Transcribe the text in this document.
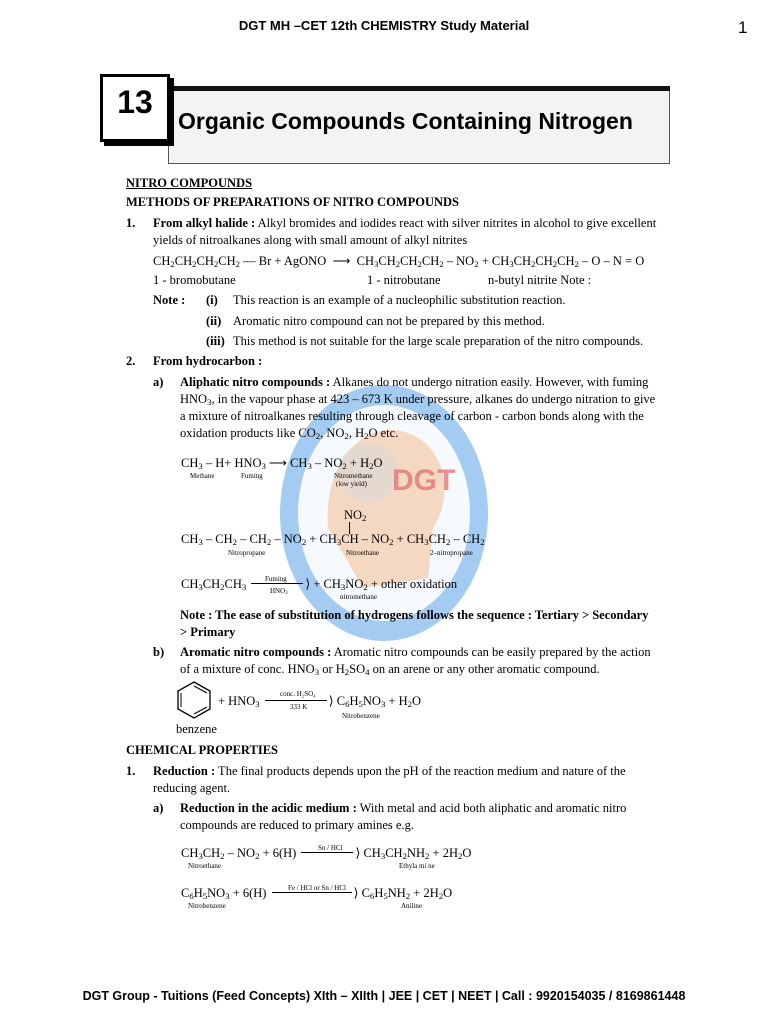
DGT MH –CET 12th CHEMISTRY Study Material	1
Organic Compounds Containing Nitrogen
13
DGT
NITRO COMPOUNDS
METHODS OF PREPARATIONS OF NITRO COMPOUNDS
1. From alkyl halide : Alkyl bromides and iodides react with silver nitrites in alcohol to give excellent
yields of nitroalkanes along with small amount of alkyl nitrites
$CH_2CH_2CH_2CH_2$ — Br + AgONO  ⟶  $CH_3CH_2CH_2CH_2 - NO_2 + CH_3CH_2CH_2CH_2 - O - N = O$
1 - bromobutane	1 - nitrobutane	n-butyl nitrite Note :
Note : (i) This reaction is an example of a nucleophilic substitution reaction.
(ii) Aromatic nitro compound can not be prepared by this method.
(iii) This method is not suitable for the large scale preparation of the nitro compounds.
2. From hydrocarbon :
a) Aliphatic nitro compounds : Alkanes do not undergo nitration easily. However, with fuming
$HNO_3$, in the vapour phase at 423 – 673 K under pressure, alkanes do undergo nitration to give
a mixture of nitroalkanes resulting through cleavage of carbon - carbon bonds along with the
oxidation products like $CO_2$, $NO_2$, $H_2O$ etc.
$CH_3 - H+ HNO_3$ ⟶ $CH_3 - NO_2 + H_2O$
Methane	Fuming	Nitromethane
(low yield)
$NO_2$
$CH_3 - CH_2 - CH_2 - NO_2 + CH_3CH - NO_2 + CH_3CH_2 - CH_2$
Nitropropane	Nitroethane	2–nitropropane
$CH_3CH_2CH_3$	⟩ + $CH_3NO_2$ + other oxidation
Fuming
$HNO_3$	nitromethane
Note : The ease of substitution of hydrogens follows the sequence : Tertiary > Secondary
> Primary
b) Aromatic nitro compounds : Aromatic nitro compounds can be easily prepared by the action
of a mixture of conc. $HNO_3$ or $H_2SO_4$ on an arene or any other aromatic compound.
benzene
+ $HNO_3$	⟩ $C_6H_5NO_3 + H_2O$
conc. H₂SO₄
333 K
Nitrobenzene
CHEMICAL PROPERTIES
1. Reduction : The final products depends upon the pH of the reaction medium and nature of the
reducing agent.
a) Reduction in the acidic medium : With metal and acid both aliphatic and aromatic nitro
compounds are reduced to primary amines e.g.
$CH_3CH_2 - NO_2 + 6(H)$	⟩ $CH_3CH_2NH_2 + 2H_2O$
Sn / HCl
Nitroethane	Ethyla mi ne
$C_6H_5NO_3 + 6(H)$	⟩ $C_6H_5NH_2 + 2H_2O$
Fe / HCl or Sn / HCl
Nitrobenzene	Aniline
DGT Group - Tuitions (Feed Concepts) XIth – XIIth | JEE | CET | NEET | Call : 9920154035 / 8169861448
